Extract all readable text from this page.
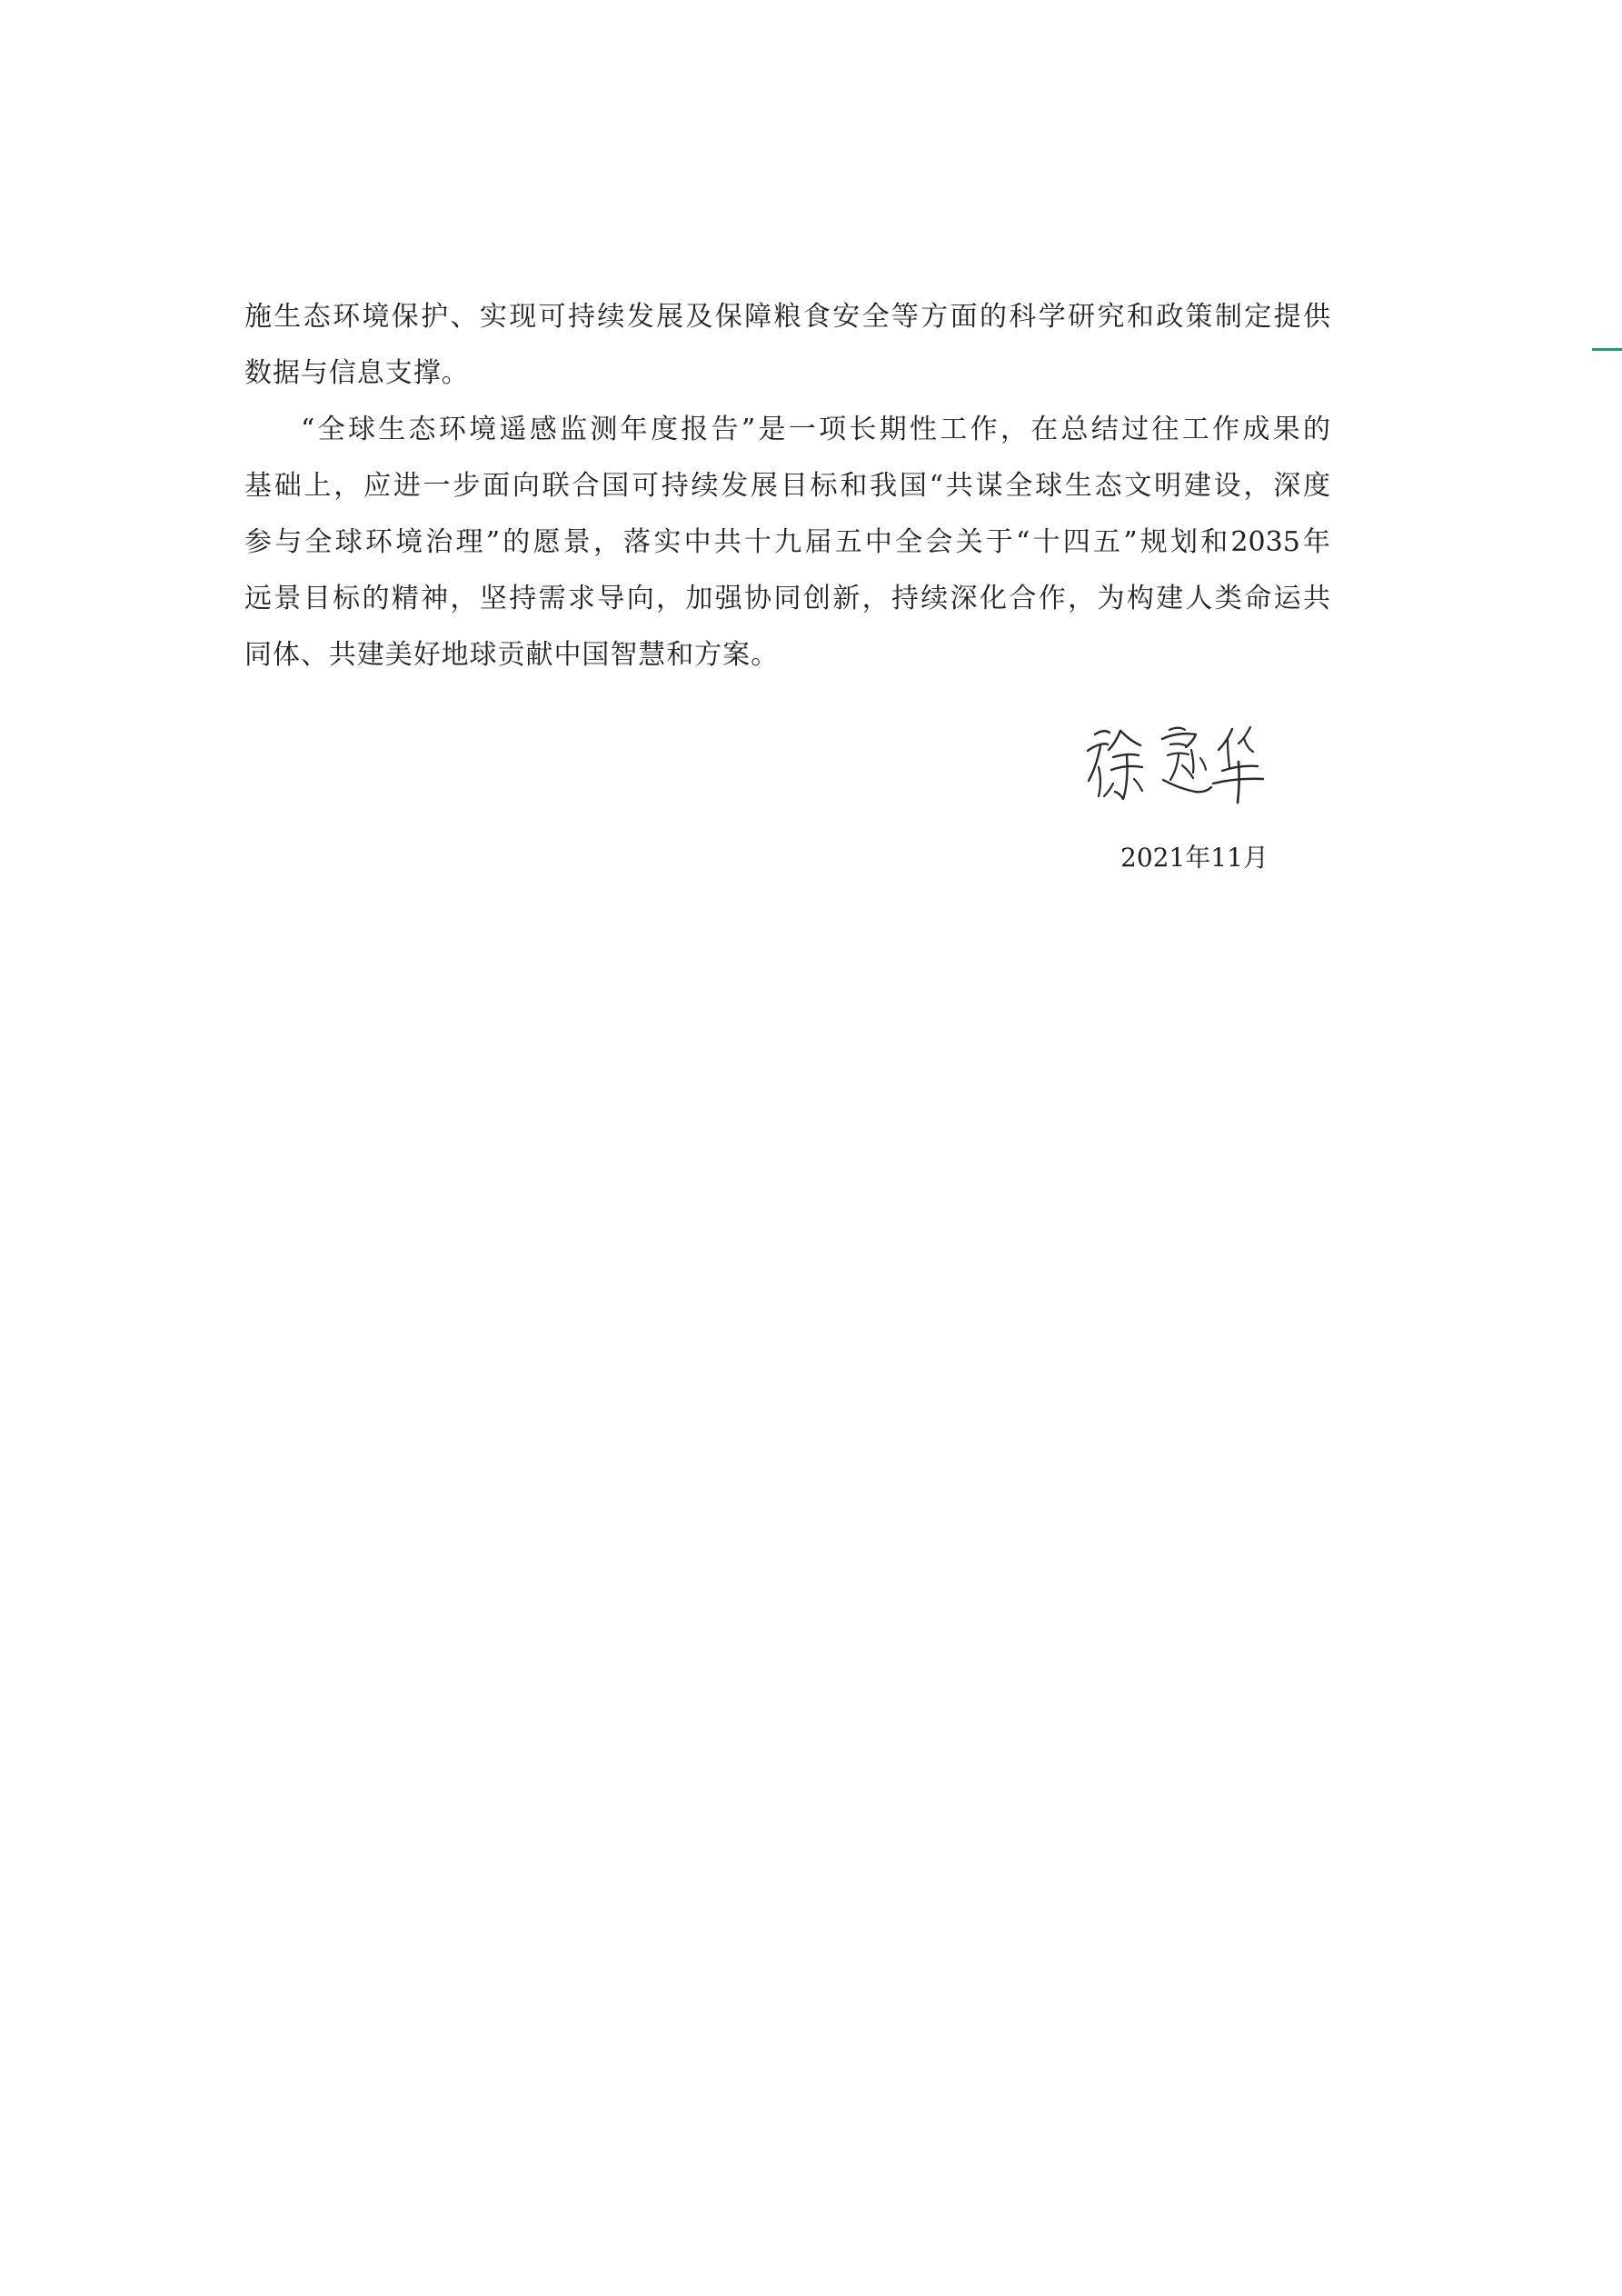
施生态环境保护、实现可持续发展及保障粮食安全等方面的科学研究和政策制定提供
数据与信息支撑。
“全球生态环境遥感监测年度报告”是一项长期性工作，在总结过往工作成果的
基础上，应进一步面向联合国可持续发展目标和我国“共谋全球生态文明建设，深度
参与全球环境治理”的愿景，落实中共十九届五中全会关于“十四五”规划和2035年
远景目标的精神，坚持需求导向，加强协同创新，持续深化合作，为构建人类命运共
同体、共建美好地球贡献中国智慧和方案。
2021年11月
